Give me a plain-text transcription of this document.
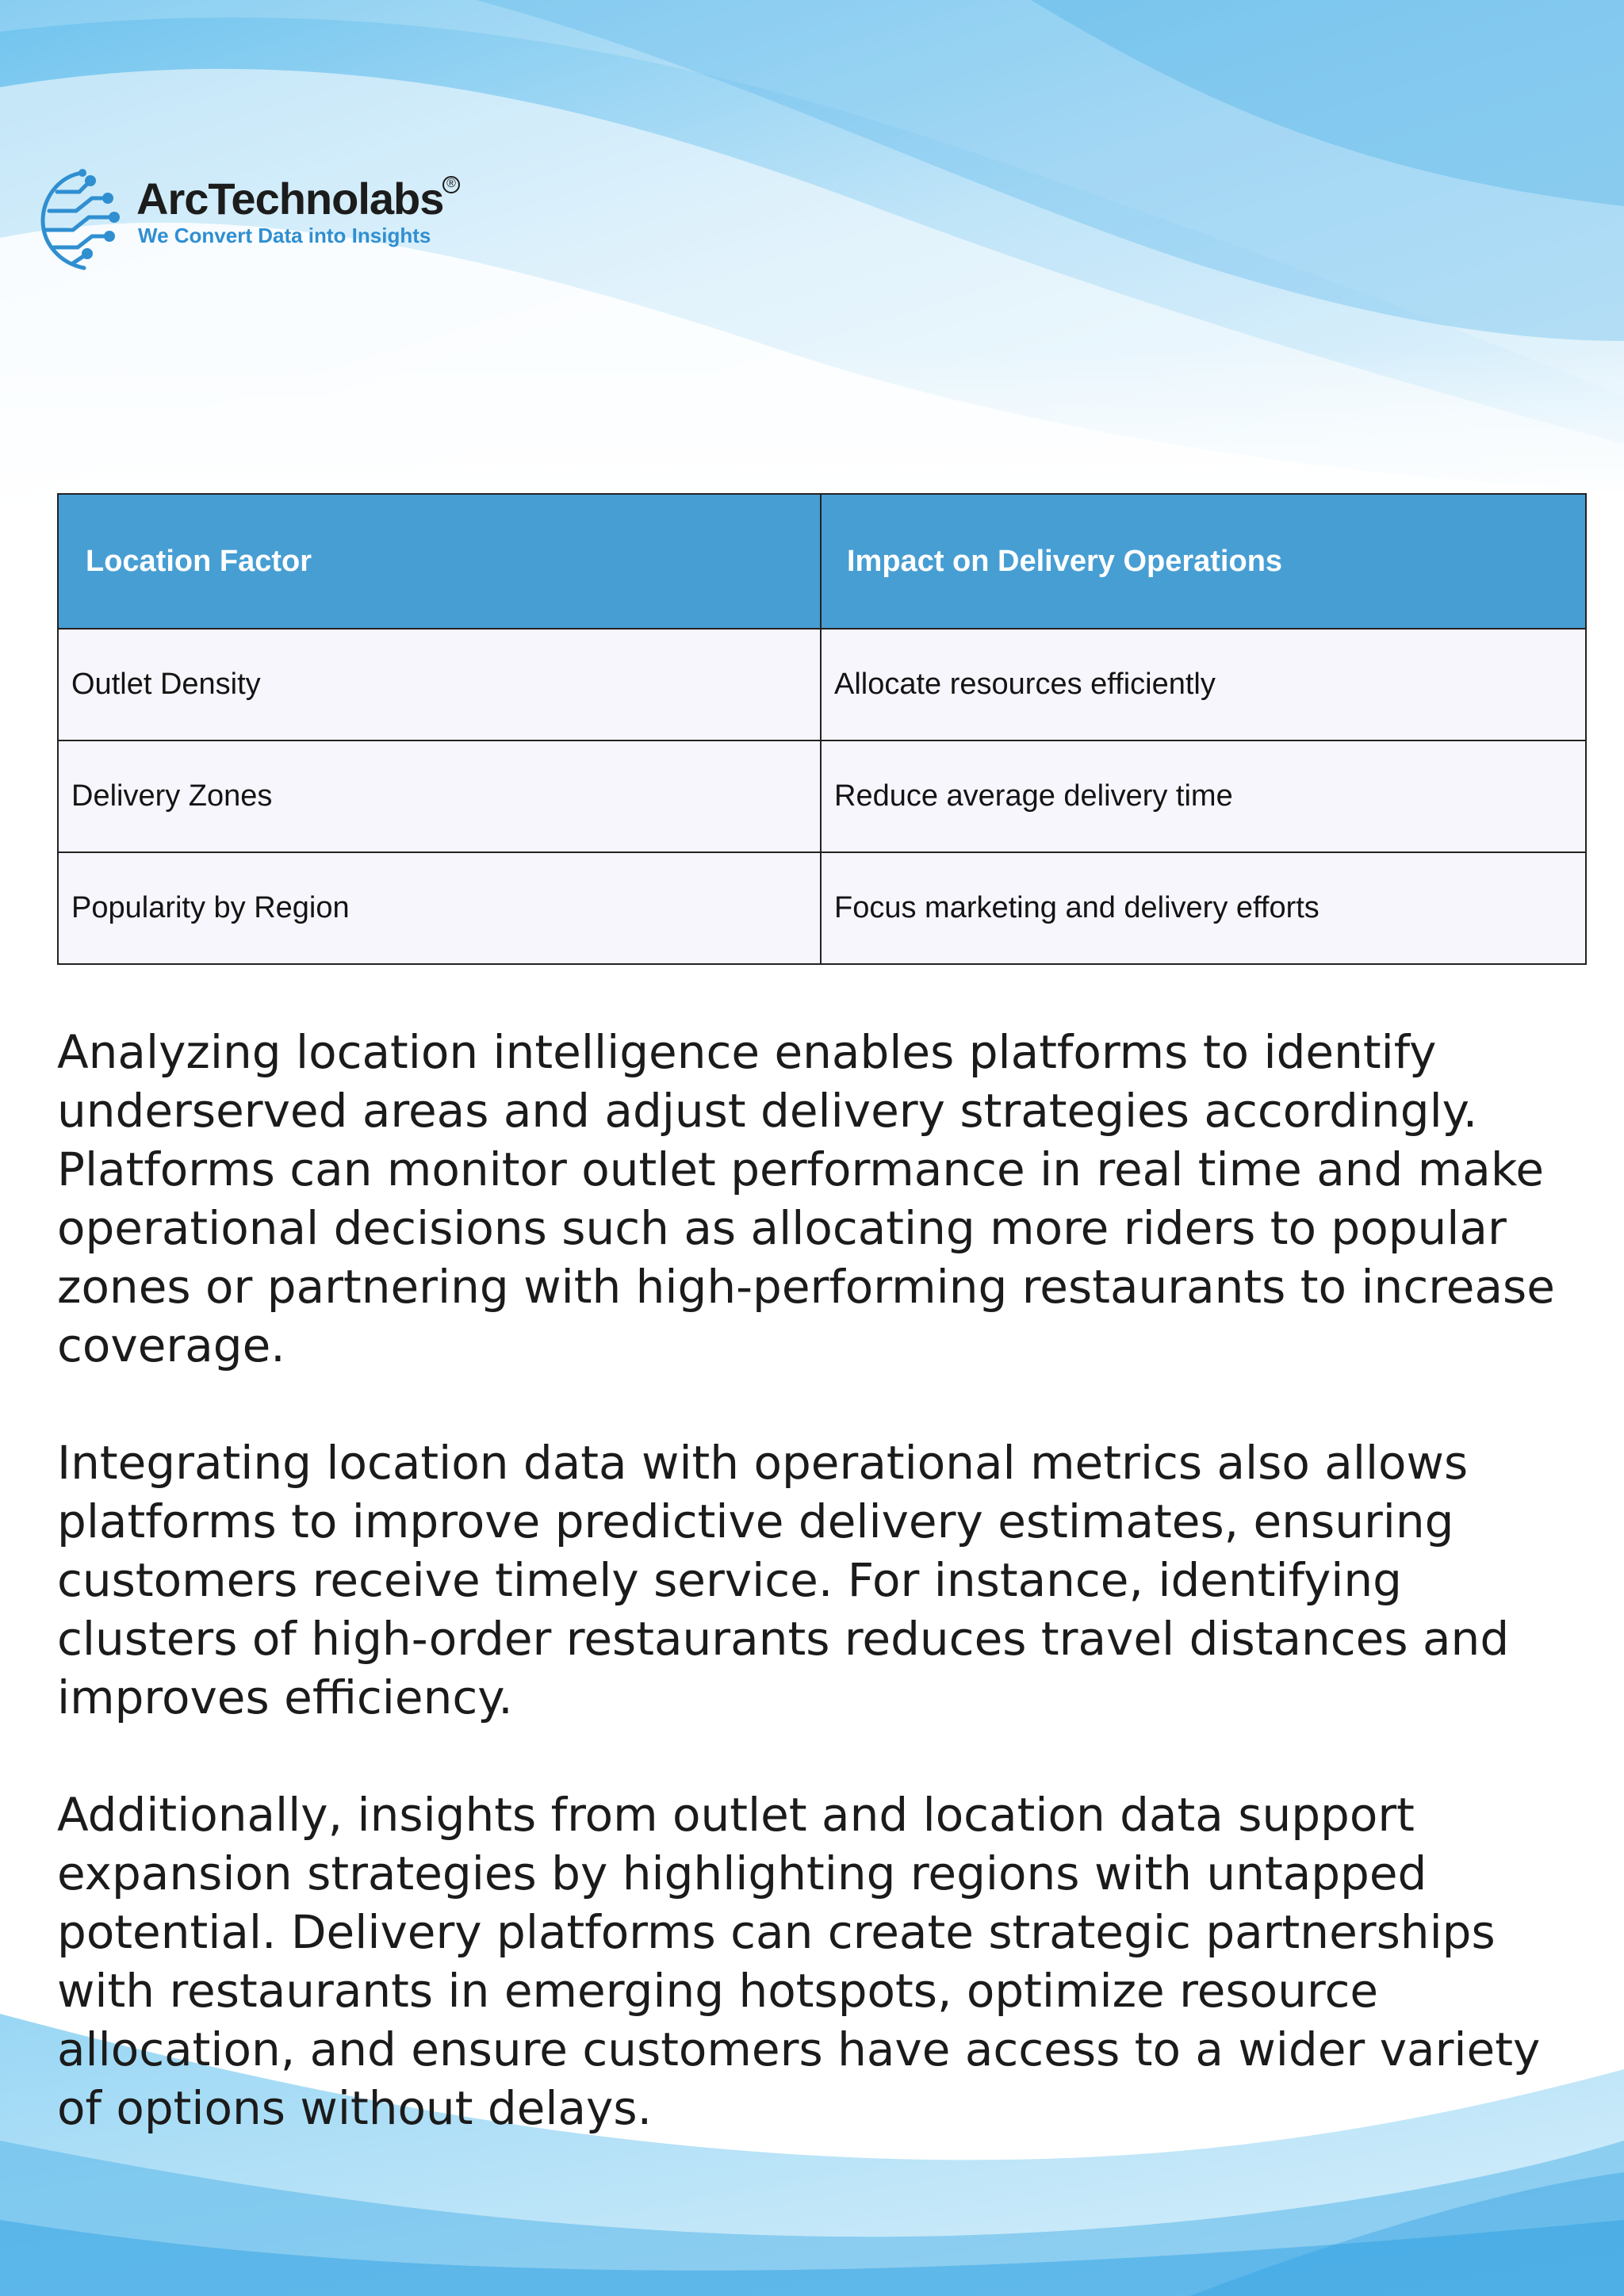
ArcTechnolabs ®
We Convert Data into Insights
Location Factor	Impact on Delivery Operations
Outlet Density	Allocate resources efficiently
Delivery Zones	Reduce average delivery time
Popularity by Region	Focus marketing and delivery efforts

Analyzing location intelligence enables platforms to identify underserved areas and adjust delivery strategies accordingly. Platforms can monitor outlet performance in real time and make operational decisions such as allocating more riders to popular zones or partnering with high-performing restaurants to increase coverage.

Integrating location data with operational metrics also allows platforms to improve predictive delivery estimates, ensuring customers receive timely service. For instance, identifying clusters of high-order restaurants reduces travel distances and improves efficiency.

Additionally, insights from outlet and location data support expansion strategies by highlighting regions with untapped potential. Delivery platforms can create strategic partnerships with restaurants in emerging hotspots, optimize resource allocation, and ensure customers have access to a wider variety of options without delays.
